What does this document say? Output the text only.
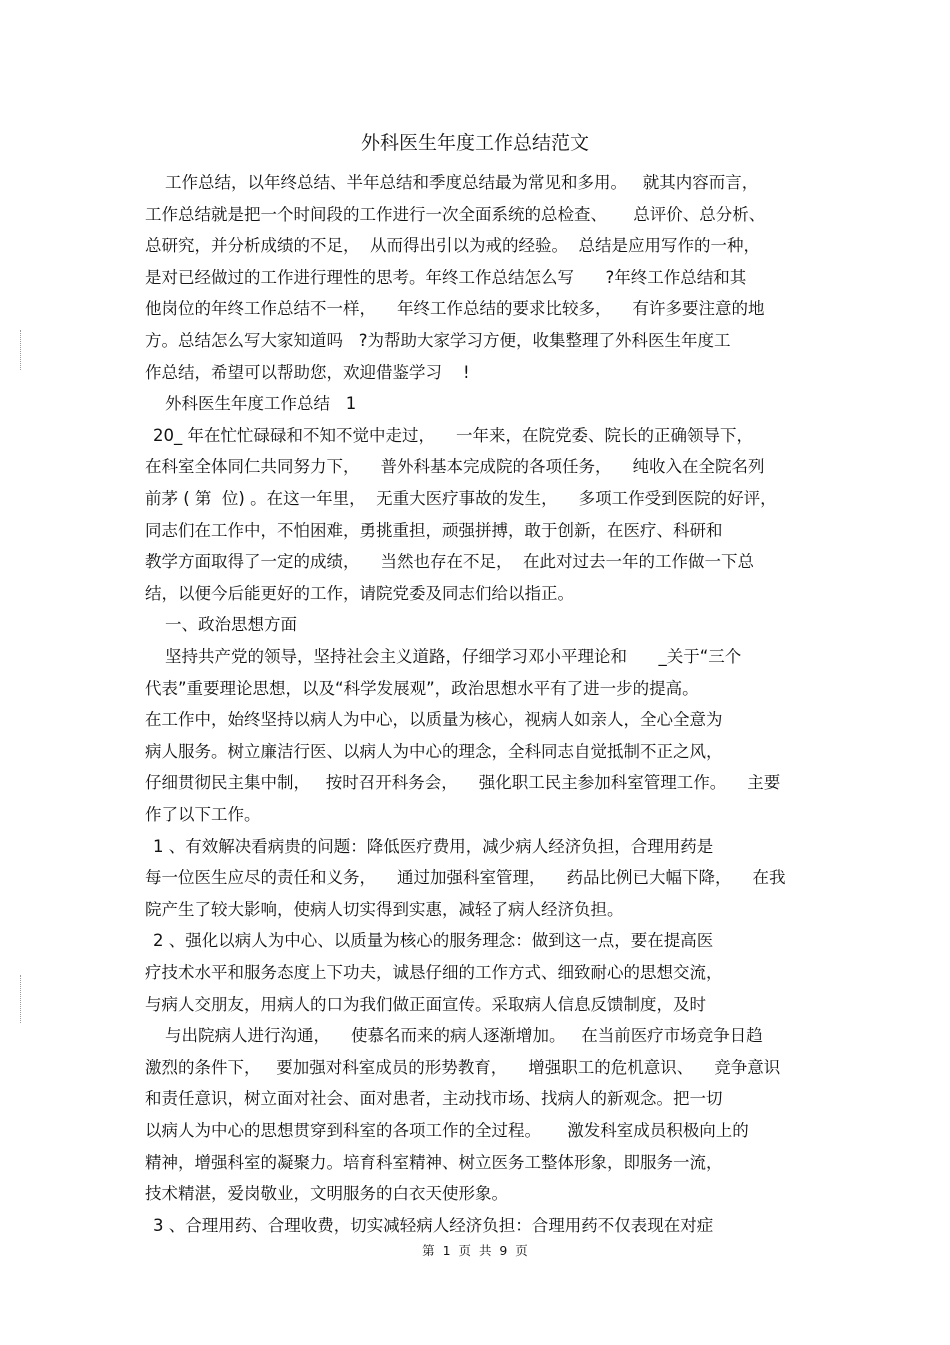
外科医生年度工作总结范文
工作总结，以年终总结、半年总结和季度总结最为常见和多用。   就其内容而言，
工作总结就是把一个时间段的工作进行一次全面系统的总检查、     总评价、总分析、
总研究，并分析成绩的不足，  从而得出引以为戒的经验。  总结是应用写作的一种，
是对已经做过的工作进行理性的思考。年终工作总结怎么写      ?年终工作总结和其
他岗位的年终工作总结不一样，    年终工作总结的要求比较多，    有许多要注意的地
方。总结怎么写大家知道吗   ?为帮助大家学习方便，收集整理了外科医生年度工
作总结，希望可以帮助您，欢迎借鉴学习    !
外科医生年度工作总结   1
20_ 年在忙忙碌碌和不知不觉中走过，    一年来，在院党委、院长的正确领导下，
在科室全体同仁共同努力下，    普外科基本完成院的各项任务，    纯收入在全院名列
前茅 ( 第  位) 。在这一年里，  无重大医疗事故的发生，    多项工作受到医院的好评，
同志们在工作中，不怕困难，勇挑重担，顽强拼搏，敢于创新，在医疗、科研和
教学方面取得了一定的成绩，    当然也存在不足，  在此对过去一年的工作做一下总
结，以便今后能更好的工作，请院党委及同志们给以指正。
一、政治思想方面
坚持共产党的领导，坚持社会主义道路，仔细学习邓小平理论和      _关于“三个
代表”重要理论思想，以及“科学发展观”，政治思想水平有了进一步的提高。
在工作中，始终坚持以病人为中心，以质量为核心，视病人如亲人，全心全意为
病人服务。树立廉洁行医、以病人为中心的理念，全科同志自觉抵制不正之风，
仔细贯彻民主集中制，   按时召开科务会，    强化职工民主参加科室管理工作。    主要
作了以下工作。
1 、有效解决看病贵的问题：降低医疗费用，减少病人经济负担，合理用药是
每一位医生应尽的责任和义务，    通过加强科室管理，    药品比例已大幅下降，    在我
院产生了较大影响，使病人切实得到实惠，减轻了病人经济负担。
2 、强化以病人为中心、以质量为核心的服务理念：做到这一点，要在提高医
疗技术水平和服务态度上下功夫，诚恳仔细的工作方式、细致耐心的思想交流，
与病人交朋友，用病人的口为我们做正面宣传。采取病人信息反馈制度，及时
与出院病人进行沟通，    使慕名而来的病人逐渐增加。   在当前医疗市场竞争日趋
激烈的条件下，   要加强对科室成员的形势教育，    增强职工的危机意识、    竞争意识
和责任意识，树立面对社会、面对患者，主动找市场、找病人的新观念。把一切
以病人为中心的思想贯穿到科室的各项工作的全过程。     激发科室成员积极向上的
精神，增强科室的凝聚力。培育科室精神、树立医务工整体形象，即服务一流，
技术精湛，爱岗敬业，文明服务的白衣天使形象。
3 、合理用药、合理收费，切实减轻病人经济负担：合理用药不仅表现在对症
第  1  页  共  9  页
